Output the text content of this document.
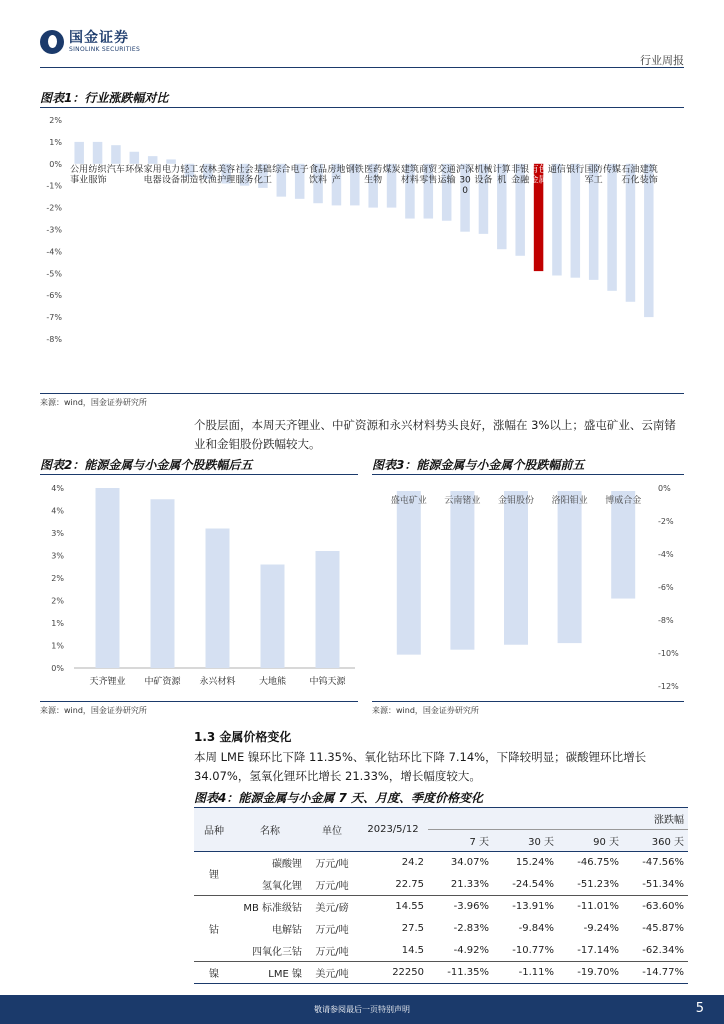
国金证券
SINOLINK SECURITIES
行业周报
图表1：行业涨跌幅对比
2%
1%
0%
-1%
-2%
-3%
-4%
-5%
-6%
-7%
-8%
公用事业
纺织服饰
汽车 环保 家用电器
电力设备
轻工制造
农林牧渔
美容护理
社会服务
基础化工
综合 电子 食品饮料
房地产
钢铁 医药生物
煤炭 建筑材料
商贸零售
交通运输
沪深 30 0
机械设备
计算机
非银金融
有色金属
通信 银行 国防军工
传媒 石油石化
建筑装饰
来源：wind，国金证券研究所
个股层面，本周天齐锂业、中矿资源和永兴材料势头良好，涨幅在 3%以上；盛屯矿业、云南锗业和金钼股份跌幅较大。
图表2：能源金属与小金属个股跌幅后五
4%
4%
3%
3%
2%
2%
1%
1%
0%
天齐锂业 中矿资源 永兴材料	大地熊	中钨天源
来源：wind，国金证券研究所
图表3：能源金属与小金属个股跌幅前五
0%
-2%
-4%
-6%
-8%
-10%
-12%
盛屯矿业 云南锗业 金钼股份 洛阳钼业 博威合金
来源：wind，国金证券研究所
1.3 金属价格变化
本周 LME 镍环比下降 11.35%、氧化钴环比下降 7.14%，下降较明显；碳酸锂环比增长 34.07%，氢氧化锂环比增长 21.33%，增长幅度较大。
图表4：能源金属与小金属 7 天、月度、季度价格变化
品种	名称	单位	2023/5/12	涨跌幅			
				7 天	30 天	90 天	360 天
锂	碳酸锂	万元/吨	24.2	34.07%	15.24%	-46.75%	-47.56%
	氢氧化锂	万元/吨	22.75	21.33%	-24.54%	-51.23%	-51.34%
钴	MB 标准级钴	美元/磅	14.55	-3.96%	-13.91%	-11.01%	-63.60%
	电解钴	万元/吨	27.5	-2.83%	-9.84%	-9.24%	-45.87%
	四氧化三钴	万元/吨	14.5	-4.92%	-10.77%	-17.14%	-62.34%
镍	LME 镍	美元/吨	22250	-11.35%	-1.11%	-19.70%	-14.77%
敬请参阅最后一页特别声明	5
